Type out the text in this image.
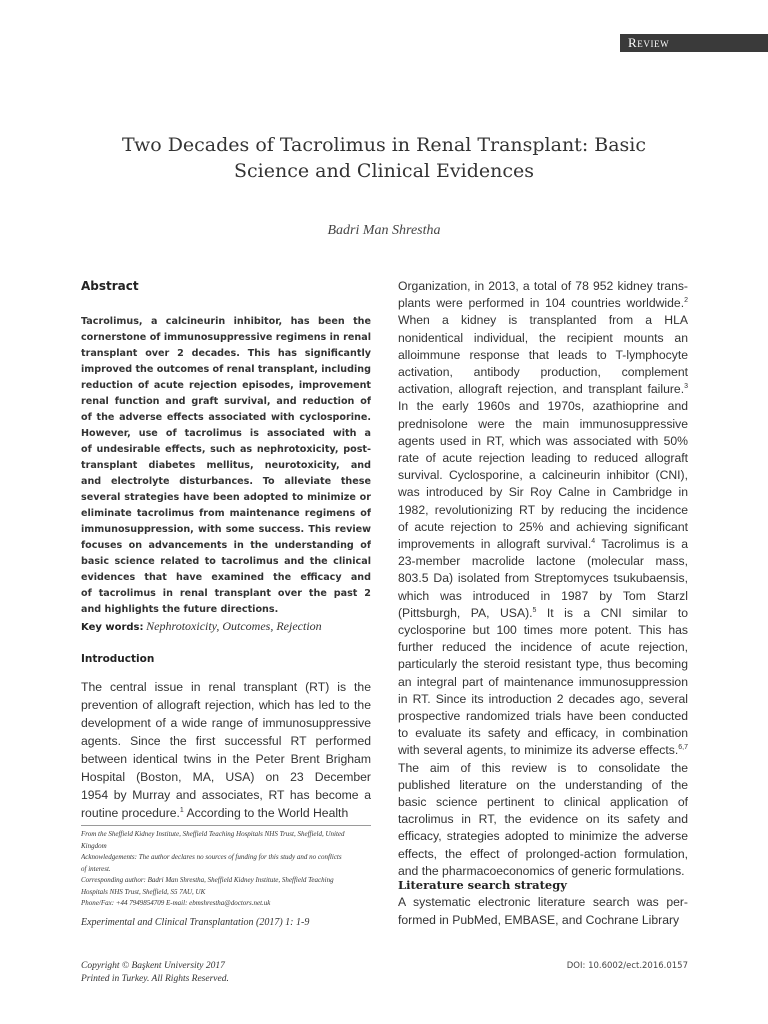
Review
Two Decades of Tacrolimus in Renal Transplant: Basic
Science and Clinical Evidences
Badri Man Shrestha
Abstract
Tacrolimus, a calcineurin inhibitor, has been the
cornerstone of immunosuppressive regimens in renal
transplant over 2 decades. This has significantly
improved the outcomes of renal transplant, including
reduction of acute rejection episodes, improvement
renal function and graft survival, and reduction of
of the adverse effects associated with cyclosporine.
However, use of tacrolimus is associated with a
of undesirable effects, such as nephrotoxicity, post-
transplant diabetes mellitus, neurotoxicity, and
and electrolyte disturbances. To alleviate these
several strategies have been adopted to minimize or
eliminate tacrolimus from maintenance regimens of
immunosuppression, with some success. This review
focuses on advancements in the understanding of
basic science related to tacrolimus and the clinical
evidences that have examined the efficacy and
of tacrolimus in renal transplant over the past 2
and highlights the future directions.
Key words: Nephrotoxicity, Outcomes, Rejection
Introduction
The central issue in renal transplant (RT) is the
prevention of allograft rejection, which has led to the
development of a wide range of immunosuppressive
agents. Since the first successful RT performed
between identical twins in the Peter Brent Brigham
Hospital (Boston, MA, USA) on 23 December
1954 by Murray and associates, RT has become a
routine procedure.$^1$ According to the World Health
From the Sheffield Kidney Institute, Sheffield Teaching Hospitals NHS Trust, Sheffield, United
Kingdom
Acknowledgements: The author declares no sources of funding for this study and no conflicts
of interest.
Corresponding author: Badri Man Shrestha, Sheffield Kidney Institute, Sheffield Teaching
Hospitals NHS Trust, Sheffield, S5 7AU, UK
Phone/Fax: +44 7949854709 E-mail: ebmshrestha@doctors.net.uk
Experimental and Clinical Transplantation (2017) 1: 1-9
Organization, in 2013, a total of 78 952 kidney trans-
plants were performed in 104 countries worldwide.$^2$
When a kidney is transplanted from a HLA
nonidentical individual, the recipient mounts an
alloimmune response that leads to T-lymphocyte
activation, antibody production, complement
activation, allograft rejection, and transplant failure.$^3$
In the early 1960s and 1970s, azathioprine and
prednisolone were the main immunosuppressive
agents used in RT, which was associated with 50%
rate of acute rejection leading to reduced allograft
survival. Cyclosporine, a calcineurin inhibitor (CNI),
was introduced by Sir Roy Calne in Cambridge in
1982, revolutionizing RT by reducing the incidence
of acute rejection to 25% and achieving significant
improvements in allograft survival.$^4$ Tacrolimus is a
23-member macrolide lactone (molecular mass,
803.5 Da) isolated from Streptomyces tsukubaensis,
which was introduced in 1987 by Tom Starzl
(Pittsburgh, PA, USA).$^5$ It is a CNI similar to
cyclosporine but 100 times more potent. This has
further reduced the incidence of acute rejection,
particularly the steroid resistant type, thus becoming
an integral part of maintenance immunosuppression
in RT. Since its introduction 2 decades ago, several
prospective randomized trials have been conducted
to evaluate its safety and efficacy, in combination
with several agents, to minimize its adverse effects.$^{6,7}$
The aim of this review is to consolidate the
published literature on the understanding of the
basic science pertinent to clinical application of
tacrolimus in RT, the evidence on its safety and
efficacy, strategies adopted to minimize the adverse
effects, the effect of prolonged-action formulation,
and the pharmacoeconomics of generic formulations.
Literature search strategy
A systematic electronic literature search was per-
formed in PubMed, EMBASE, and Cochrane Library
Copyright © Başkent University 2017
Printed in Turkey. All Rights Reserved.
DOI: 10.6002/ect.2016.0157
